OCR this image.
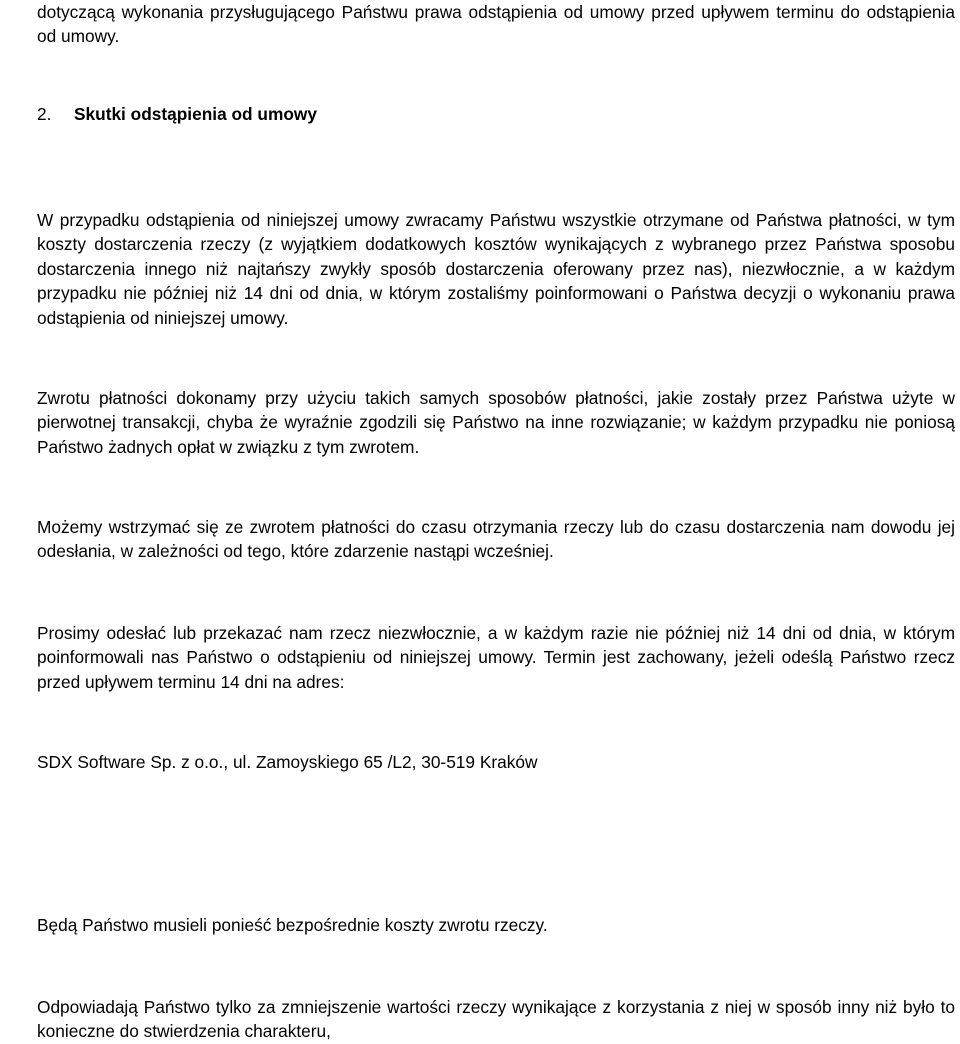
dotyczącą wykonania przysługującego Państwu prawa odstąpienia od umowy przed upływem terminu do odstąpienia od umowy.

2. Skutki odstąpienia od umowy

W przypadku odstąpienia od niniejszej umowy zwracamy Państwu wszystkie otrzymane od Państwa płatności, w tym koszty dostarczenia rzeczy (z wyjątkiem dodatkowych kosztów wynikających z wybranego przez Państwa sposobu dostarczenia innego niż najtańszy zwykły sposób dostarczenia oferowany przez nas), niezwłocznie, a w każdym przypadku nie później niż 14 dni od dnia, w którym zostaliśmy poinformowani o Państwa decyzji o wykonaniu prawa odstąpienia od niniejszej umowy.

Zwrotu płatności dokonamy przy użyciu takich samych sposobów płatności, jakie zostały przez Państwa użyte w pierwotnej transakcji, chyba że wyraźnie zgodzili się Państwo na inne rozwiązanie; w każdym przypadku nie poniosą Państwo żadnych opłat w związku z tym zwrotem.

Możemy wstrzymać się ze zwrotem płatności do czasu otrzymania rzeczy lub do czasu dostarczenia nam dowodu jej odesłania, w zależności od tego, które zdarzenie nastąpi wcześniej.

Prosimy odesłać lub przekazać nam rzecz niezwłocznie, a w każdym razie nie później niż 14 dni od dnia, w którym poinformowali nas Państwo o odstąpieniu od niniejszej umowy. Termin jest zachowany, jeżeli odeślą Państwo rzecz przed upływem terminu 14 dni na adres:

SDX Software Sp. z o.o., ul. Zamoyskiego 65 /L2, 30-519 Kraków

Będą Państwo musieli ponieść bezpośrednie koszty zwrotu rzeczy.

Odpowiadają Państwo tylko za zmniejszenie wartości rzeczy wynikające z korzystania z niej w sposób inny niż było to konieczne do stwierdzenia charakteru,
